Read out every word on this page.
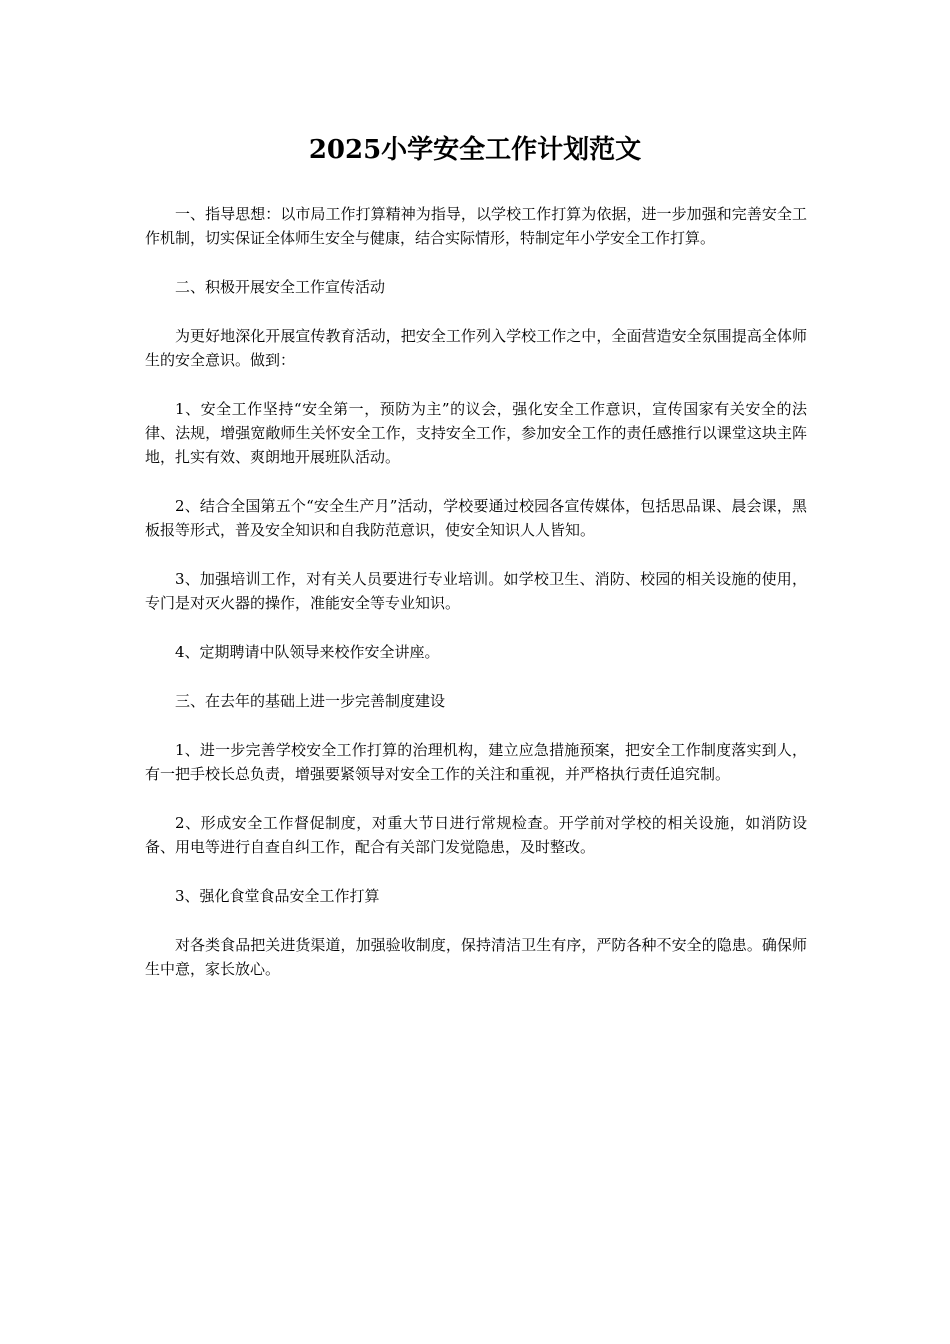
2025小学安全工作计划范文

一、指导思想：以市局工作打算精神为指导，以学校工作打算为依据，进一步加强和完善安全工作机制，切实保证全体师生安全与健康，结合实际情形，特制定年小学安全工作打算。

二、积极开展安全工作宣传活动

为更好地深化开展宣传教育活动，把安全工作列入学校工作之中，全面营造安全氛围提高全体师生的安全意识。做到：

1、安全工作坚持“安全第一，预防为主”的议会，强化安全工作意识，宣传国家有关安全的法律、法规，增强宽敞师生关怀安全工作，支持安全工作，参加安全工作的责任感推行以课堂这块主阵地，扎实有效、爽朗地开展班队活动。

2、结合全国第五个“安全生产月”活动，学校要通过校园各宣传媒体，包括思品课、晨会课，黑板报等形式，普及安全知识和自我防范意识，使安全知识人人皆知。

3、加强培训工作，对有关人员要进行专业培训。如学校卫生、消防、校园的相关设施的使用，专门是对灭火器的操作，准能安全等专业知识。

4、定期聘请中队领导来校作安全讲座。

三、在去年的基础上进一步完善制度建设

1、进一步完善学校安全工作打算的治理机构，建立应急措施预案，把安全工作制度落实到人，有一把手校长总负责，增强要紧领导对安全工作的关注和重视，并严格执行责任追究制。

2、形成安全工作督促制度，对重大节日进行常规检查。开学前对学校的相关设施，如消防设备、用电等进行自查自纠工作，配合有关部门发觉隐患，及时整改。

3、强化食堂食品安全工作打算

对各类食品把关进货渠道，加强验收制度，保持清洁卫生有序，严防各种不安全的隐患。确保师生中意，家长放心。
